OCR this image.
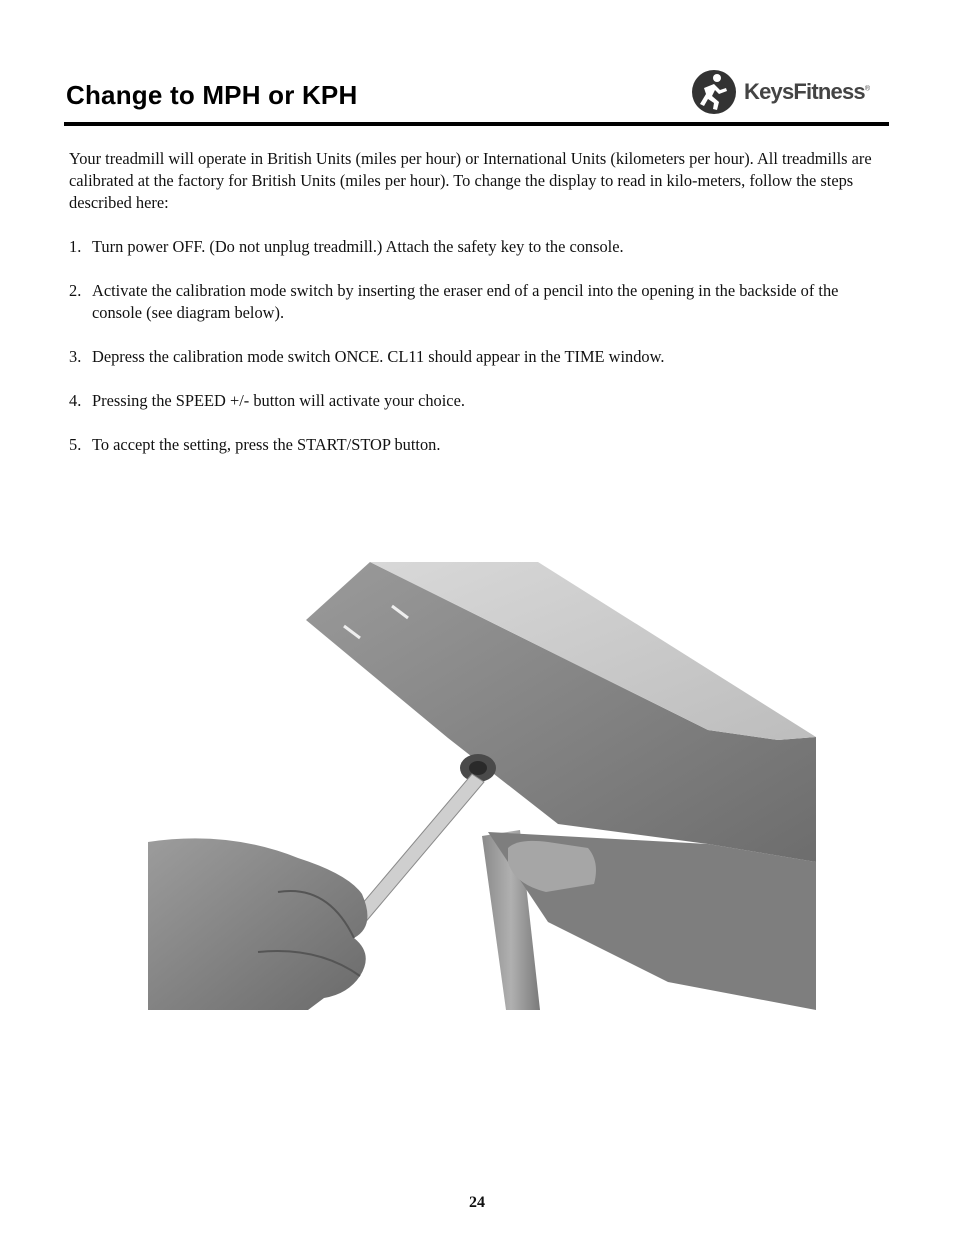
Change to MPH or KPH	KeysFitness®

Your treadmill will operate in British Units (miles per hour) or International Units (kilometers per hour). All treadmills are calibrated at the factory for British Units (miles per hour). To change the display to read in kilo-meters, follow the steps described here:

1. Turn power OFF. (Do not unplug treadmill.) Attach the safety key to the console.

2. Activate the calibration mode switch by inserting the eraser end of a pencil into the opening in the backside of the console (see diagram below).

3. Depress the calibration mode switch ONCE. CL11 should appear in the TIME window.

4. Pressing the SPEED +/- button will activate your choice.

5. To accept the setting, press the START/STOP button.

24
